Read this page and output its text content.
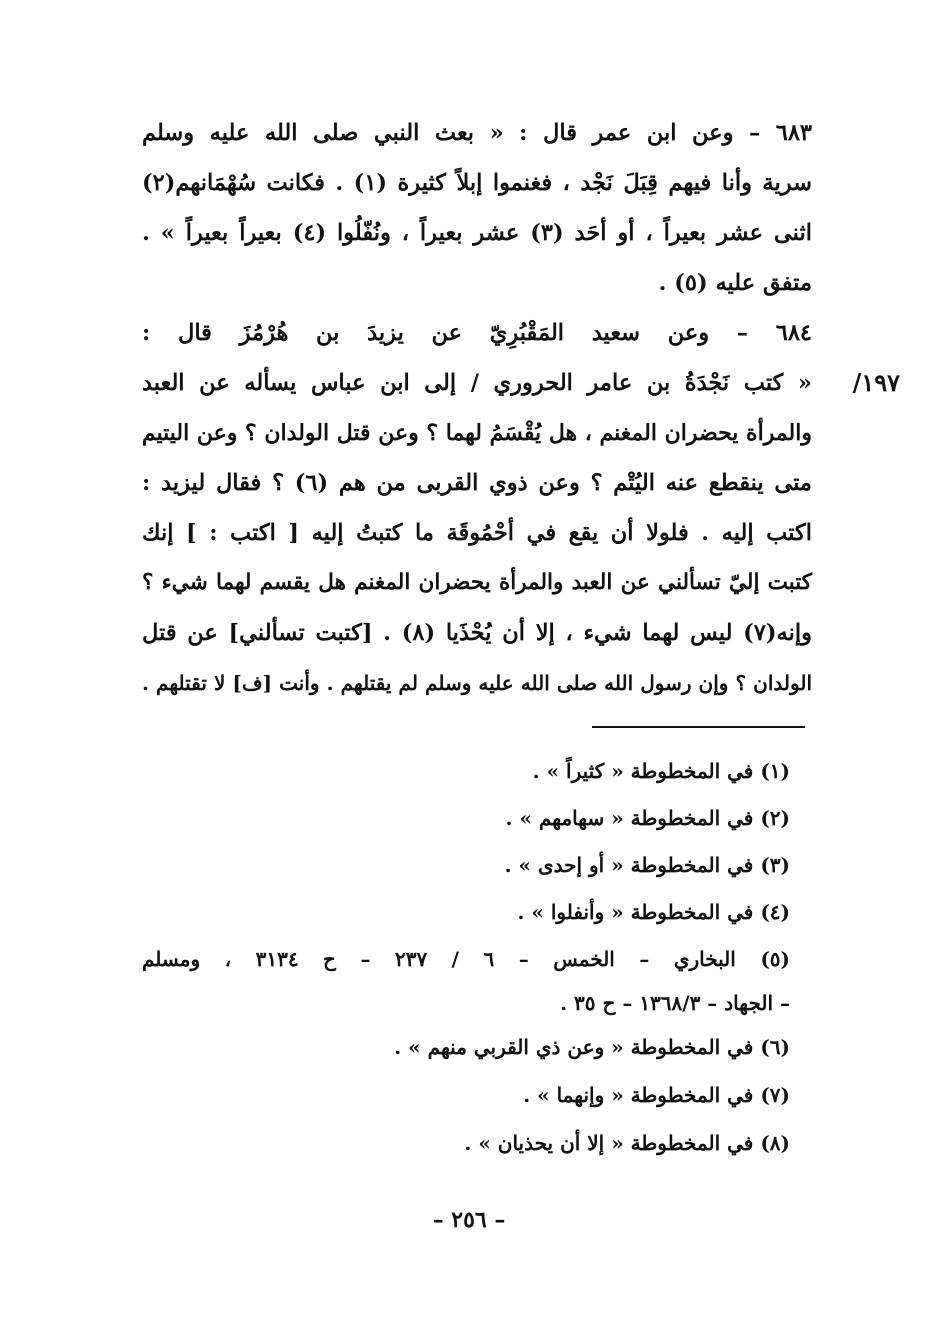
٦٨٣ – وعن ابن عمر قال : « بعث النبي صلى الله عليه وسلم
سرية وأنا فيهم قِبَلَ نَجْد ، فغنموا إبلاً كثيرة (١) . فكانت سُهْمَانهم(٢)
اثنى عشر بعيراً ، أو أحَد (٣) عشر بعيراً ، ونُفّلُوا (٤) بعيراً بعيراً » .
متفق عليه (٥) .
٦٨٤ – وعن سعيد المَقْبُرِيّ عن يزيدَ بن هُرْمُزَ قال :
« كتب نَجْدَةُ بن عامر الحروري / إلى ابن عباس يسأله عن العبد
والمرأة يحضران المغنم ، هل يُقْسَمُ لهما ؟ وعن قتل الولدان ؟ وعن اليتيم
متى ينقطع عنه اليُتْم ؟ وعن ذوي القربى من هم (٦) ؟ فقال ليزيد :
اكتب إليه . فلولا أن يقع في أحْمُوقَة ما كتبتُ إليه [ اكتب : ] إنك
كتبت إليّ تسألني عن العبد والمرأة يحضران المغنم هل يقسم لهما شيء ؟
وإنه(٧) ليس لهما شيء ، إلا أن يُحْذَيا (٨) . [كتبت تسألني] عن قتل
الولدان ؟ وإن رسول الله صلى الله عليه وسلم لم يقتلهم . وأنت [ف] لا تقتلهم .
١٩٧/
(١) في المخطوطة « كثيراً » .
(٢) في المخطوطة « سهامهم » .
(٣) في المخطوطة « أو إحدى » .
(٤) في المخطوطة « وأنفلوا » .
(٥) البخاري – الخمس – ٦ / ٢٣٧ – ح ٣١٣٤ ، ومسلم
– الجهاد – ١٣٦٨/٣ – ح ٣٥ .
(٦) في المخطوطة « وعن ذي القربي منهم » .
(٧) في المخطوطة « وإنهما » .
(٨) في المخطوطة « إلا أن يحذيان » .
– ٢٥٦ –
